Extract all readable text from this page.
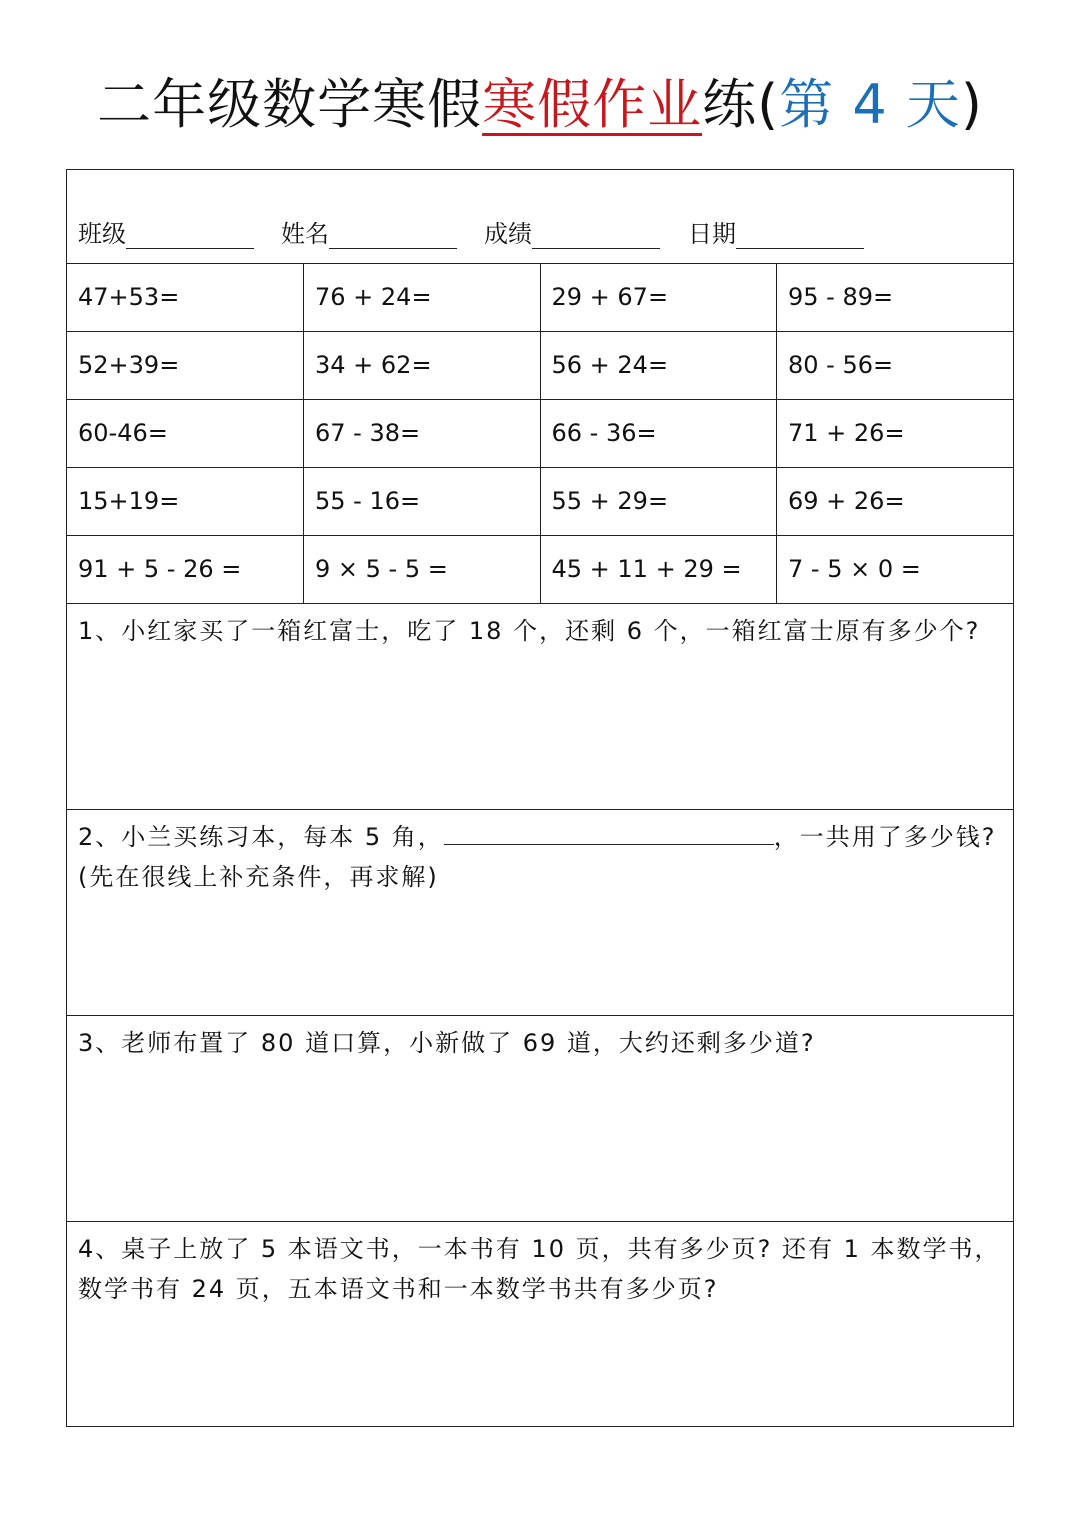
二年级数学寒假寒假作业练(第 4 天)
班级	姓名	成绩	日期
47+53=	76 + 24=	29 + 67=	95 - 89=
52+39=	34 + 62=	56 + 24=	80 - 56=
60-46=	67 - 38=	66 - 36=	71 + 26=
15+19=	55 - 16=	55 + 29=	69 + 26=
91 + 5 - 26 =	9 × 5 - 5 =	45 + 11 + 29 =	7 - 5 × 0 =
1、小红家买了一箱红富士，吃了 18 个，还剩 6 个，一箱红富士原有多少个?
2、小兰买练习本，每本 5 角，	，一共用了多少钱? (先在很线上补充条件，再求解)
3、老师布置了 80 道口算，小新做了 69 道，大约还剩多少道?
4、桌子上放了 5 本语文书，一本书有 10 页，共有多少页? 还有 1 本数学书，数学书有 24 页，五本语文书和一本数学书共有多少页?
